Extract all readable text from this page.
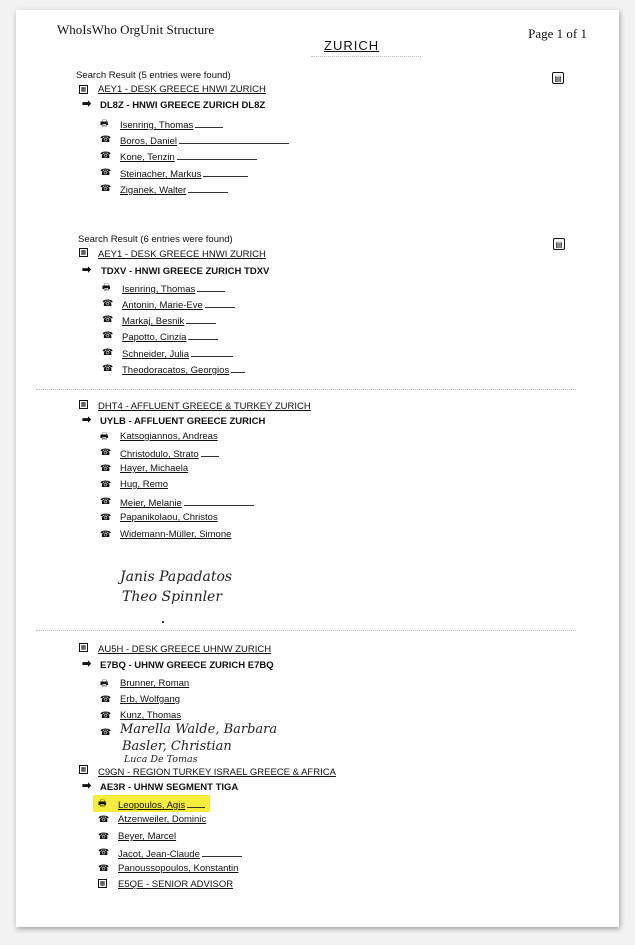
WhoIsWho OrgUnit Structure	Page 1 of 1
ZURICH
Search Result (5 entries were found)	▤
▦ AEY1 - DESK GREECE HNWI ZURICH
➡ DL8Z - HNWI GREECE ZURICH DL8Z
🖶 Isenring, Thomas
☎ Boros, Daniel
☎ Kone, Tenzin
☎ Steinacher, Markus
☎ Ziganek, Walter
Search Result (6 entries were found)	▤
▦ AEY1 - DESK GREECE HNWI ZURICH
➡ TDXV - HNWI GREECE ZURICH TDXV
🖶 Isenring, Thomas
☎ Antonin, Marie-Eve
☎ Markaj, Besnik
☎ Papotto, Cinzia
☎ Schneider, Julia
☎ Theodoracatos, Georgios
▦ DHT4 - AFFLUENT GREECE & TURKEY ZURICH
➡ UYLB - AFFLUENT GREECE ZURICH
🖶 Katsogiannos, Andreas
☎ Christodulo, Strato
☎ Hayer, Michaela
☎ Hug, Remo
☎ Meier, Melanie
☎ Papanikolaou, Christos
☎ Widemann-Müller, Simone
Janis Papadatos
Theo Spinnler
▦ AU5H - DESK GREECE UHNW ZURICH
➡ E7BQ - UHNW GREECE ZURICH E7BQ
🖶 Brunner, Roman
☎ Erb, Wolfgang
☎ Kunz, Thomas
☎ Marella Walde, Barbara
Basler, Christian
Luca De Tomas
▦ C9GN - REGION TURKEY ISRAEL GREECE & AFRICA
➡ AE3R - UHNW SEGMENT TIGA
🖶 Leopoulos, Agis
☎ Atzenweiler, Dominic
☎ Beyer, Marcel
☎ Jacot, Jean-Claude
☎ Panoussopoulos, Konstantin
▦ E5QE - SENIOR ADVISOR
